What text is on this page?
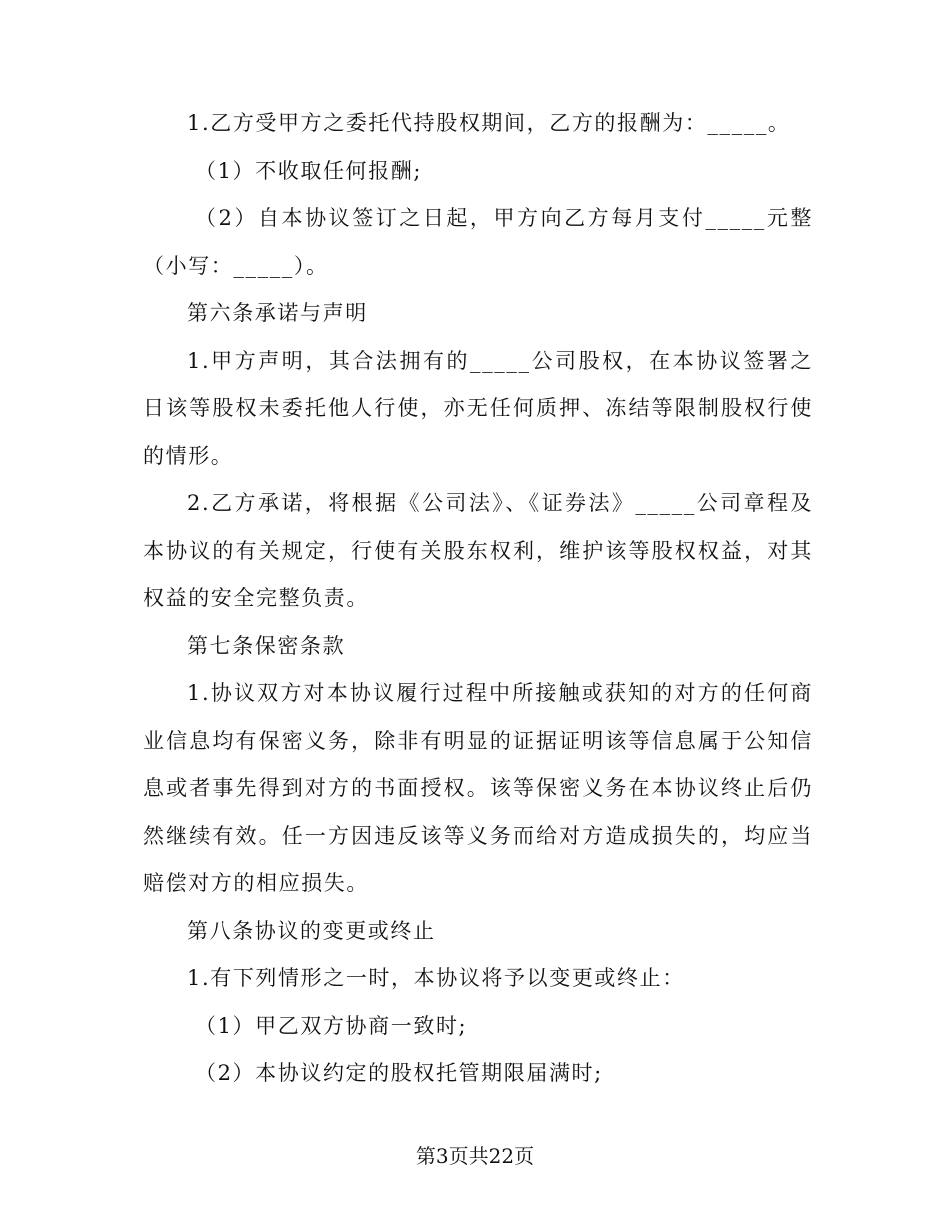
1.乙方受甲方之委托代持股权期间，乙方的报酬为：_____。

（1）不收取任何报酬;

（2）自本协议签订之日起，甲方向乙方每月支付_____元整（小写：_____）。

第六条承诺与声明

1.甲方声明，其合法拥有的_____公司股权，在本协议签署之日该等股权未委托他人行使，亦无任何质押、冻结等限制股权行使的情形。

2.乙方承诺，将根据《公司法》、《证券法》_____公司章程及本协议的有关规定，行使有关股东权利，维护该等股权权益，对其权益的安全完整负责。

第七条保密条款

1.协议双方对本协议履行过程中所接触或获知的对方的任何商业信息均有保密义务，除非有明显的证据证明该等信息属于公知信息或者事先得到对方的书面授权。该等保密义务在本协议终止后仍然继续有效。任一方因违反该等义务而给对方造成损失的，均应当赔偿对方的相应损失。

第八条协议的变更或终止

1.有下列情形之一时，本协议将予以变更或终止：

（1）甲乙双方协商一致时;

（2）本协议约定的股权托管期限届满时;

第3页共22页
